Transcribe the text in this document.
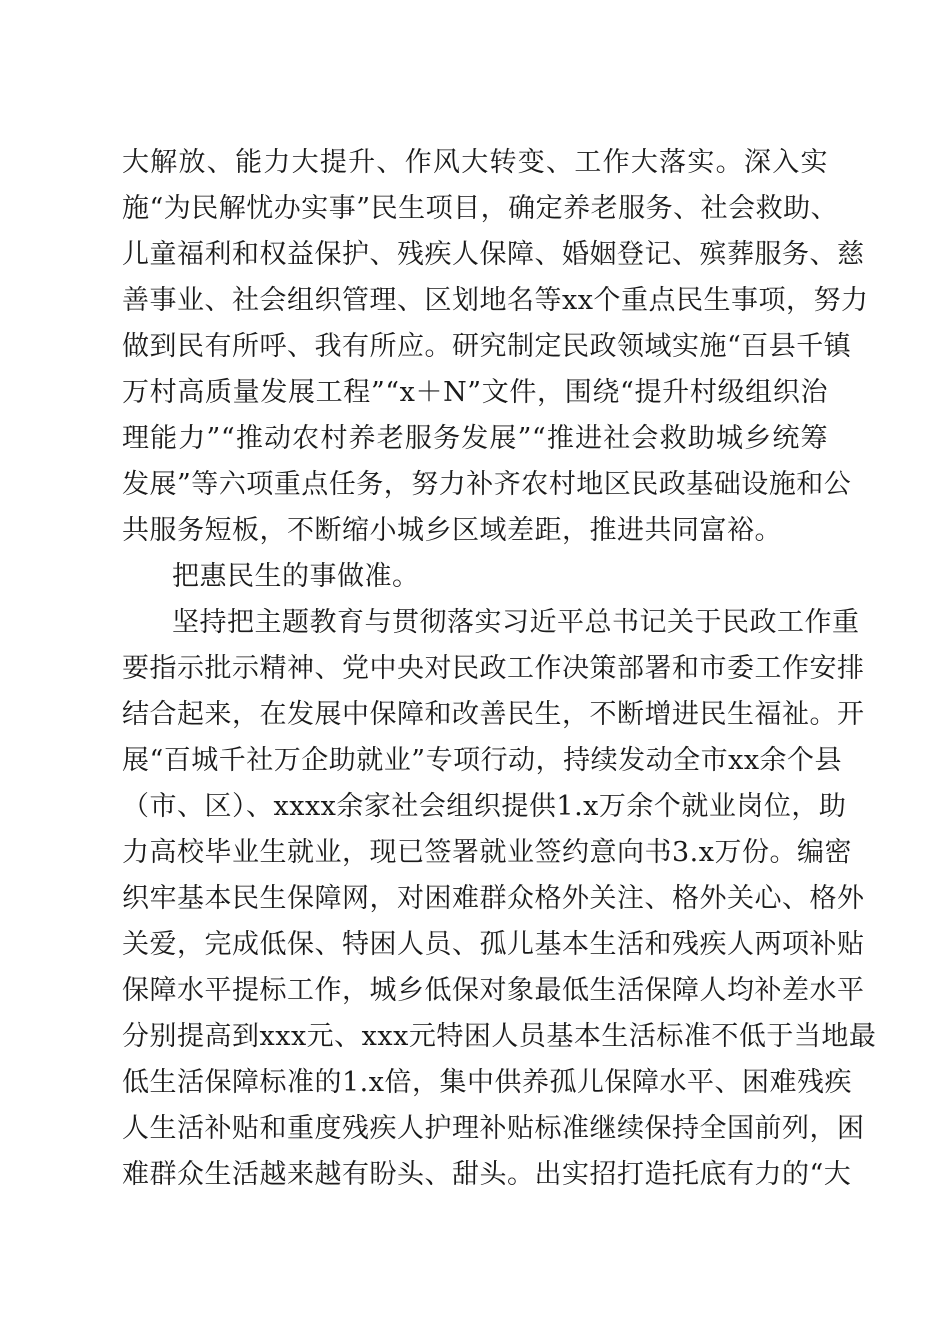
大解放、能力大提升、作风大转变、工作大落实。深入实
施“为民解忧办实事”民生项目，确定养老服务、社会救助、
儿童福利和权益保护、残疾人保障、婚姻登记、殡葬服务、慈
善事业、社会组织管理、区划地名等xx个重点民生事项，努力
做到民有所呼、我有所应。研究制定民政领域实施“百县千镇
万村高质量发展工程”“x＋N”文件，围绕“提升村级组织治
理能力”“推动农村养老服务发展”“推进社会救助城乡统筹
发展”等六项重点任务，努力补齐农村地区民政基础设施和公
共服务短板，不断缩小城乡区域差距，推进共同富裕。
把惠民生的事做准。
坚持把主题教育与贯彻落实习近平总书记关于民政工作重
要指示批示精神、党中央对民政工作决策部署和市委工作安排
结合起来，在发展中保障和改善民生，不断增进民生福祉。开
展“百城千社万企助就业”专项行动，持续发动全市xx余个县
（市、区）、xxxx余家社会组织提供1.x万余个就业岗位，助
力高校毕业生就业，现已签署就业签约意向书3.x万份。编密
织牢基本民生保障网，对困难群众格外关注、格外关心、格外
关爱，完成低保、特困人员、孤儿基本生活和残疾人两项补贴
保障水平提标工作，城乡低保对象最低生活保障人均补差水平
分别提高到xxx元、xxx元特困人员基本生活标准不低于当地最
低生活保障标准的1.x倍，集中供养孤儿保障水平、困难残疾
人生活补贴和重度残疾人护理补贴标准继续保持全国前列，困
难群众生活越来越有盼头、甜头。出实招打造托底有力的“大
